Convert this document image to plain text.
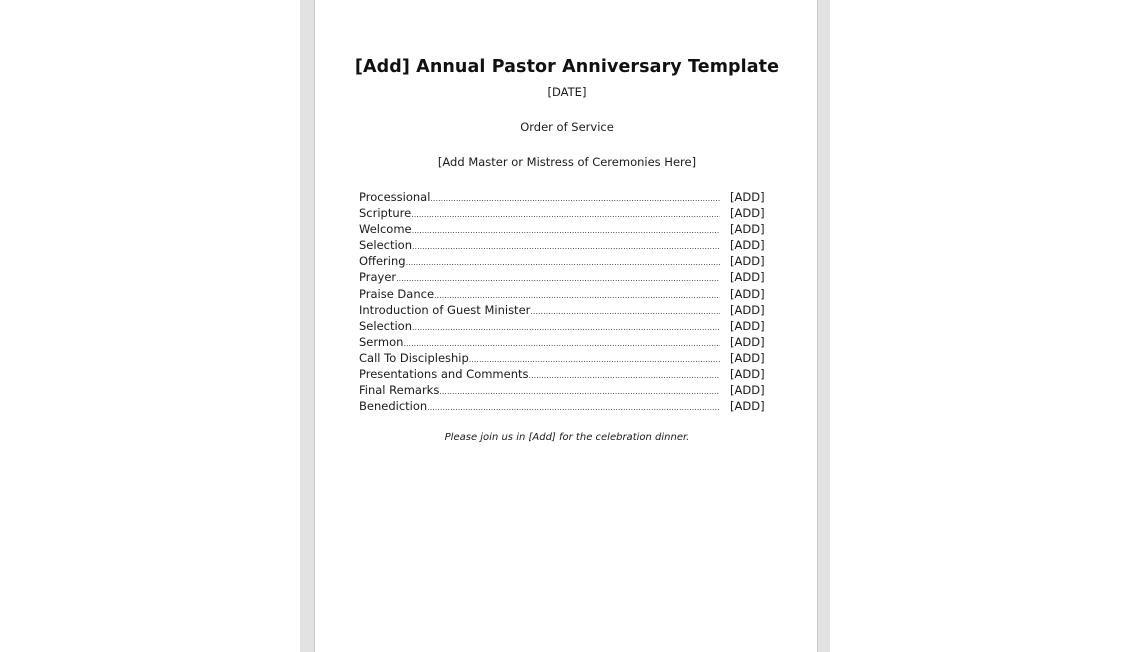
[Add] Annual Pastor Anniversary Template
[DATE]
Order of Service
[Add Master or Mistress of Ceremonies Here]
Processional .....	[ADD]
Scripture .....	[ADD]
Welcome .....	[ADD]
Selection .....	[ADD]
Offering .....	[ADD]
Prayer .....	[ADD]
Praise Dance .....	[ADD]
Introduction of Guest Minister .....	[ADD]
Selection .....	[ADD]
Sermon .....	[ADD]
Call To Discipleship .....	[ADD]
Presentations and Comments .....	[ADD]
Final Remarks .....	[ADD]
Benediction .....	[ADD]
Please join us in [Add] for the celebration dinner.
